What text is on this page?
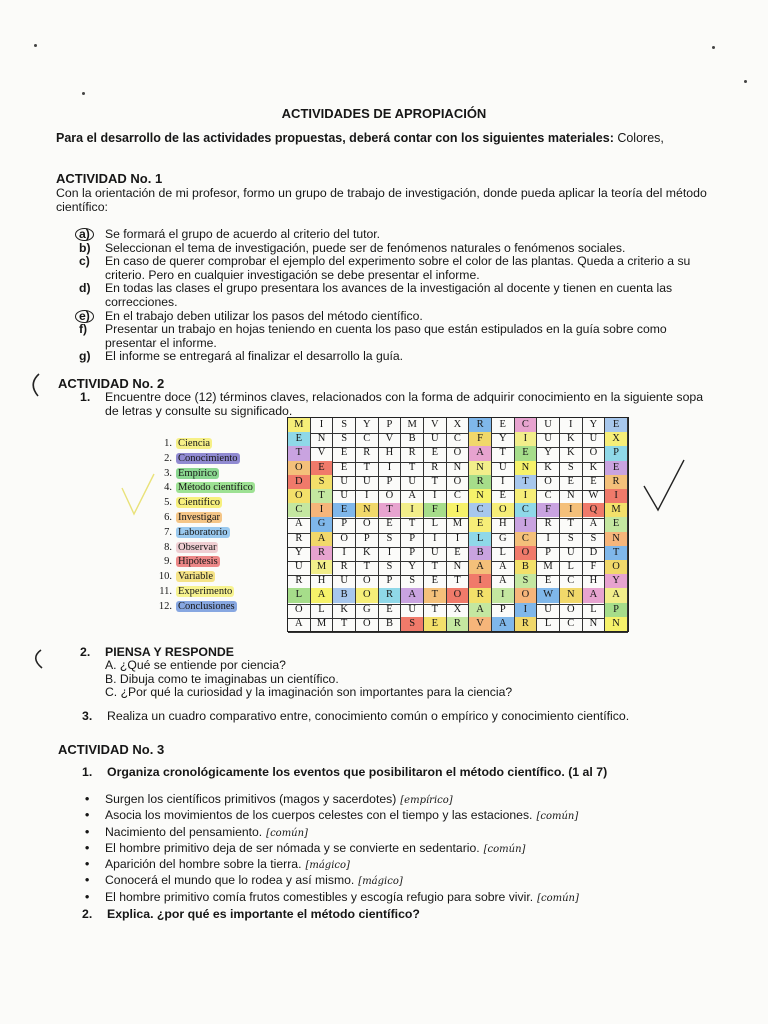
ACTIVIDADES DE APROPIACIÓN
Para el desarrollo de las actividades propuestas, deberá contar con los siguientes materiales: Colores,
ACTIVIDAD No. 1
Con la orientación de mi profesor, formo un grupo de trabajo de investigación, donde pueda aplicar la teoría del método científico:
a)	Se formará el grupo de acuerdo al criterio del tutor.
b) Seleccionan el tema de investigación, puede ser de fenómenos naturales o fenómenos sociales.
c) En caso de querer comprobar el ejemplo del experimento sobre el color de las plantas. Queda a criterio a su criterio. Pero en cualquier investigación se debe presentar el informe.
d) En todas las clases el grupo presentara los avances de la investigación al docente y tienen en cuenta las correcciones.
e)	En el trabajo deben utilizar los pasos del método científico.
f) Presentar un trabajo en hojas teniendo en cuenta los paso que están estipulados en la guía sobre como presentar el informe.
g) El informe se entregará al finalizar el desarrollo la guía.
ACTIVIDAD No. 2
1. Encuentre doce (12) términos claves, relacionados con la forma de adquirir conocimiento en la siguiente sopa de letras y consulte su significado.
1. Ciencia
2. Conocimiento
3. Empírico
4. Método científico
5. Científico
6. Investigar
7. Laboratorio
8. Observar
9. Hipótesis
10. Variable
11. Experimento
12. Conclusiones
M	I	S	Y	P	M	V	X	R	E	C	U	I	Y	E
E	N	S	C	V	B	U	C	F	Y	I	U	K	U	X
T	V	E	R	H	R	E	O	A	T	E	Y	K	O	P
O	E	E	T	I	T	R	N	N	U	N	K	S	K	E
D	S	U	U	P	U	T	O	R	I	T	O	E	E	R
O	T	U	I	O	A	I	C	N	E	I	C	N	W	I
C	I	E	N	T	I	F	I	C	O	C	F	I	Q	M
A	G	P	O	E	T	L	M	E	H	I	R	T	A	E
R	A	O	P	S	P	I	I	L	G	C	I	S	S	N
Y	R	I	K	I	P	U	E	B	L	O	P	U	D	T
U	M	R	T	S	Y	T	N	A	A	B	M	L	F	O
R	H	U	O	P	S	E	T	I	A	S	E	C	H	Y
L	A	B	O	R	A	T	O	R	I	O	W	N	A	A
O	L	K	G	E	U	T	X	A	P	I	U	O	L	P
A	M	T	O	B	S	E	R	V	A	R	L	C	N	N
2. PIENSA Y RESPONDE
A. ¿Qué se entiende por ciencia?
B. Dibuja como te imaginabas un científico.
C. ¿Por qué la curiosidad y la imaginación son importantes para la ciencia?
3. Realiza un cuadro comparativo entre, conocimiento común o empírico y conocimiento científico.
ACTIVIDAD No. 3
1. Organiza cronológicamente los eventos que posibilitaron el método científico. (1 al 7)
• Surgen los científicos primitivos (magos y sacerdotes) [empírico]
• Asocia los movimientos de los cuerpos celestes con el tiempo y las estaciones. [común]
• Nacimiento del pensamiento. [común]
• El hombre primitivo deja de ser nómada y se convierte en sedentario. [común]
• Aparición del hombre sobre la tierra. [mágico]
• Conocerá el mundo que lo rodea y así mismo. [mágico]
• El hombre primitivo comía frutos comestibles y escogía refugio para sobre vivir. [común]
2. Explica. ¿por qué es importante el método científico?
